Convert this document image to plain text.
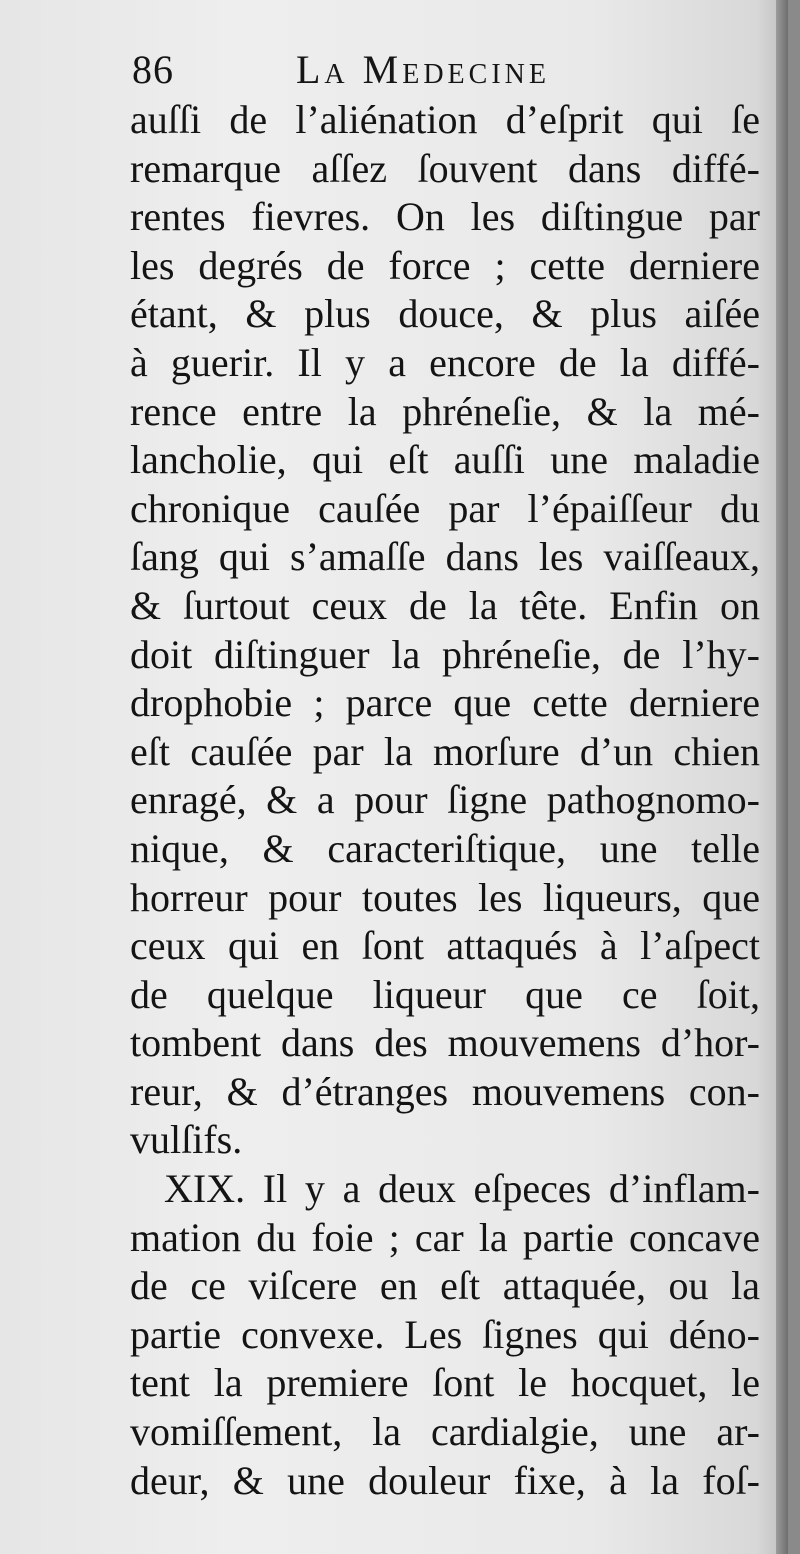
86	La Medecine
auſſi de l’aliénation d’eſprit qui ſe
remarque aſſez ſouvent dans diffé-
rentes fievres. On les diſtingue par
les degrés de force ; cette derniere
étant, & plus douce, & plus aiſée
à guerir. Il y a encore de la diffé-
rence entre la phréneſie, & la mé-
lancholie, qui eſt auſſi une maladie
chronique cauſée par l’épaiſſeur du
ſang qui s’amaſſe dans les vaiſſeaux,
& ſurtout ceux de la tête. Enfin on
doit diſtinguer la phréneſie, de l’hy-
drophobie ; parce que cette derniere
eſt cauſée par la morſure d’un chien
enragé, & a pour ſigne pathognomo-
nique, & caracteriſtique, une telle
horreur pour toutes les liqueurs, que
ceux qui en ſont attaqués à l’aſpect
de quelque liqueur que ce ſoit,
tombent dans des mouvemens d’hor-
reur, & d’étranges mouvemens con-
vulſifs.
XIX. Il y a deux eſpeces d’inflam-
mation du foie ; car la partie concave
de ce viſcere en eſt attaquée, ou la
partie convexe. Les ſignes qui déno-
tent la premiere ſont le hocquet, le
vomiſſement, la cardialgie, une ar-
deur, & une douleur fixe, à la foſ-
